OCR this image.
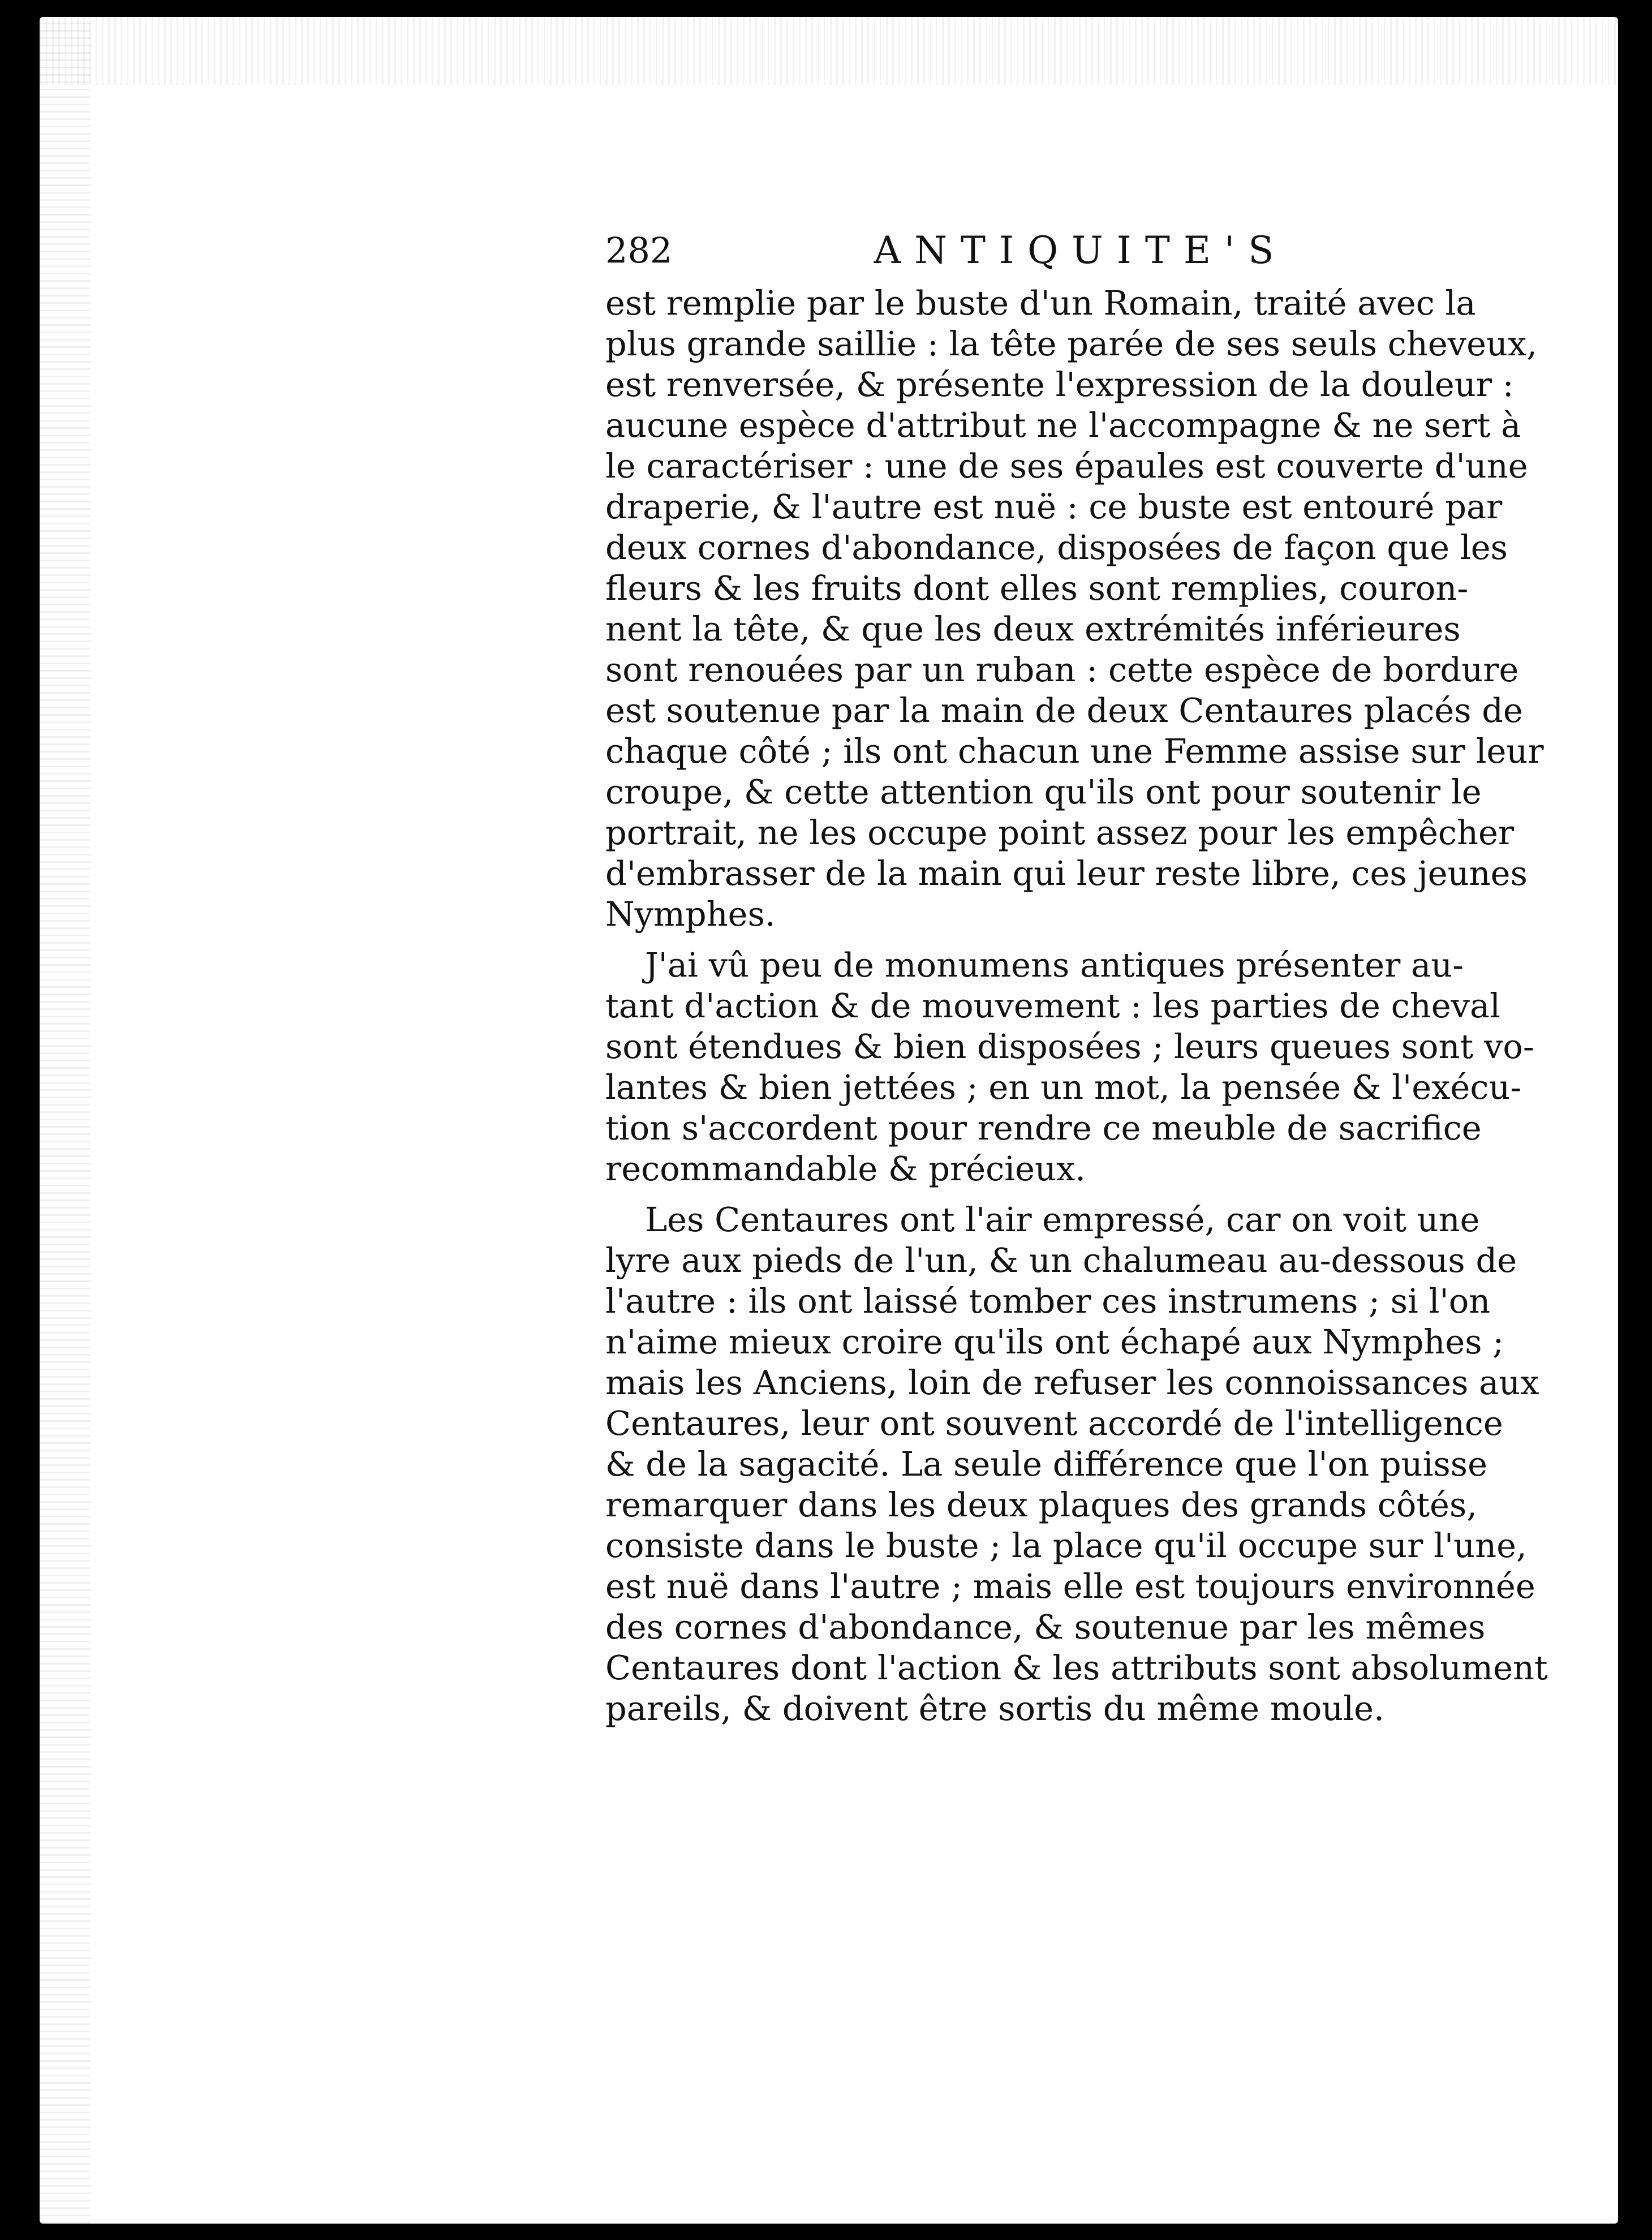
282	ANTIQUITE'S
est remplie par le buste d'un Romain, traité avec la
plus grande saillie : la tête parée de ses seuls cheveux,
est renversée, & présente l'expression de la douleur :
aucune espèce d'attribut ne l'accompagne & ne sert à
le caractériser : une de ses épaules est couverte d'une
draperie, & l'autre est nuë : ce buste est entouré par
deux cornes d'abondance, disposées de façon que les
fleurs & les fruits dont elles sont remplies, couron-
nent la tête, & que les deux extrémités inférieures
sont renouées par un ruban : cette espèce de bordure
est soutenue par la main de deux Centaures placés de
chaque côté ; ils ont chacun une Femme assise sur leur
croupe, & cette attention qu'ils ont pour soutenir le
portrait, ne les occupe point assez pour les empêcher
d'embrasser de la main qui leur reste libre, ces jeunes
Nymphes.
J'ai vû peu de monumens antiques présenter au-
tant d'action & de mouvement : les parties de cheval
sont étendues & bien disposées ; leurs queues sont vo-
lantes & bien jettées ; en un mot, la pensée & l'exécu-
tion s'accordent pour rendre ce meuble de sacrifice
recommandable & précieux.
Les Centaures ont l'air empressé, car on voit une
lyre aux pieds de l'un, & un chalumeau au-dessous de
l'autre : ils ont laissé tomber ces instrumens ; si l'on
n'aime mieux croire qu'ils ont échapé aux Nymphes ;
mais les Anciens, loin de refuser les connoissances aux
Centaures, leur ont souvent accordé de l'intelligence
& de la sagacité. La seule différence que l'on puisse
remarquer dans les deux plaques des grands côtés,
consiste dans le buste ; la place qu'il occupe sur l'une,
est nuë dans l'autre ; mais elle est toujours environnée
des cornes d'abondance, & soutenue par les mêmes
Centaures dont l'action & les attributs sont absolument
pareils, & doivent être sortis du même moule.
